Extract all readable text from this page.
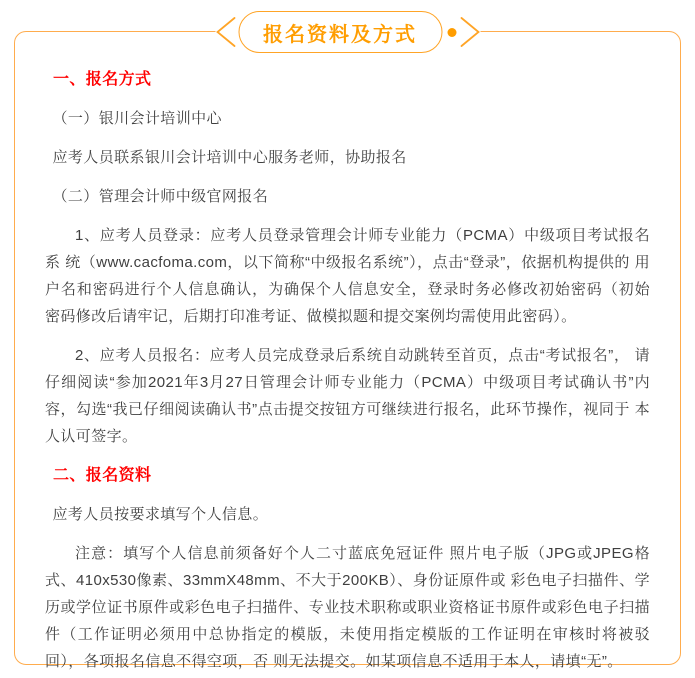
报名资料及方式

一、报名方式

（一）银川会计培训中心

应考人员联系银川会计培训中心服务老师，协助报名

（二）管理会计师中级官网报名

1、应考人员登录：应考人员登录管理会计师专业能力（PCMA）中级项目考试报名系 统（www.cacfoma.com，以下简称“中级报名系统”），点击“登录”，依据机构提供的 用户名和密码进行个人信息确认，为确保个人信息安全，登录时务必修改初始密码（初始 密码修改后请牢记，后期打印准考证、做模拟题和提交案例均需使用此密码）。

2、应考人员报名：应考人员完成登录后系统自动跳转至首页，点击“考试报名”， 请仔细阅读“参加2021年3月27日管理会计师专业能力（PCMA）中级项目考试确认书”内 容，勾选“我已仔细阅读确认书”点击提交按钮方可继续进行报名，此环节操作，视同于 本人认可签字。

二、报名资料

应考人员按要求填写个人信息。

注意：填写个人信息前须备好个人二寸蓝底免冠证件 照片电子版（JPG或JPEG格式、410x530像素、33mmX48mm、不大于200KB）、身份证原件或 彩色电子扫描件、学历或学位证书原件或彩色电子扫描件、专业技术职称或职业资格证书原件或彩色电子扫描件（工作证明必须用中总协指定的模版，未使用指定模版的工作证明在审核时将被驳回），各项报名信息不得空项，否 则无法提交。如某项信息不适用于本人，请填“无”。
